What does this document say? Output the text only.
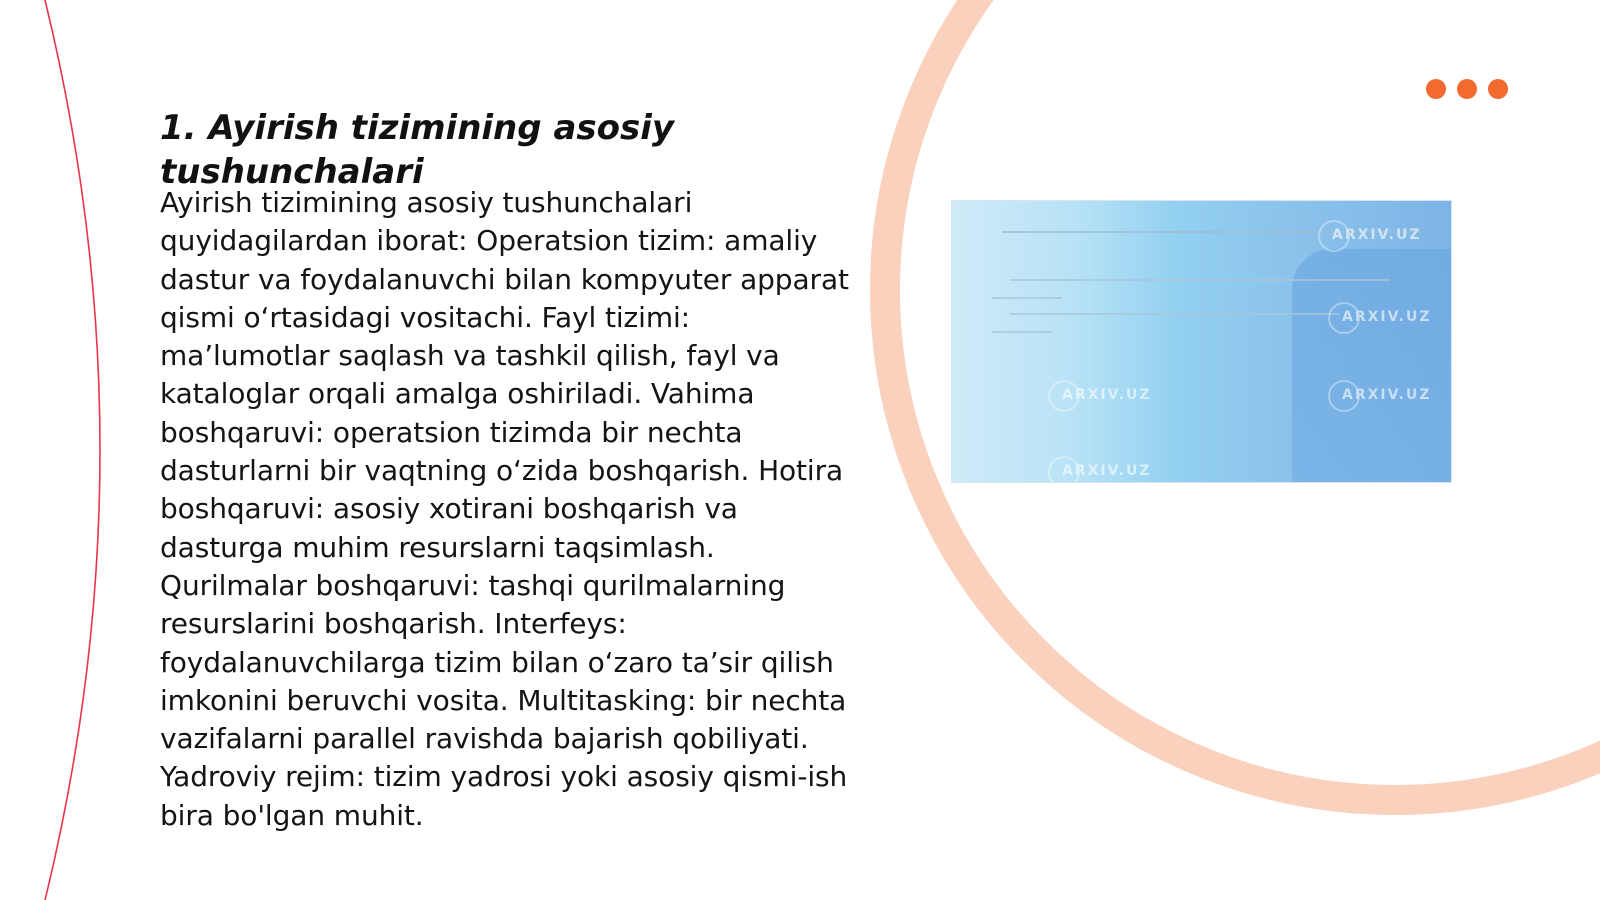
1. Ayirish tizimining asosiy tushunchalari

Ayirish tizimining asosiy tushunchalari quyidagilardan iborat: Operatsion tizim: amaliy dastur va foydalanuvchi bilan kompyuter apparat qismi o‘rtasidagi vositachi. Fayl tizimi: ma’lumotlar saqlash va tashkil qilish, fayl va kataloglar orqali amalga oshiriladi. Vahima boshqaruvi: operatsion tizimda bir nechta dasturlarni bir vaqtning o‘zida boshqarish. Hotira boshqaruvi: asosiy xotirani boshqarish va dasturga muhim resurslarni taqsimlash. Qurilmalar boshqaruvi: tashqi qurilmalarning resurslarini boshqarish. Interfeys: foydalanuvchilarga tizim bilan o‘zaro ta’sir qilish imkonini beruvchi vosita. Multitasking: bir nechta vazifalarni parallel ravishda bajarish qobiliyati. Yadroviy rejim: tizim yadrosi yoki asosiy qismi-ish bira bo'lgan muhit.

ARXIV.UZ
ARXIV.UZ
ARXIV.UZ	ARXIV.UZ
ARXIV.UZ
